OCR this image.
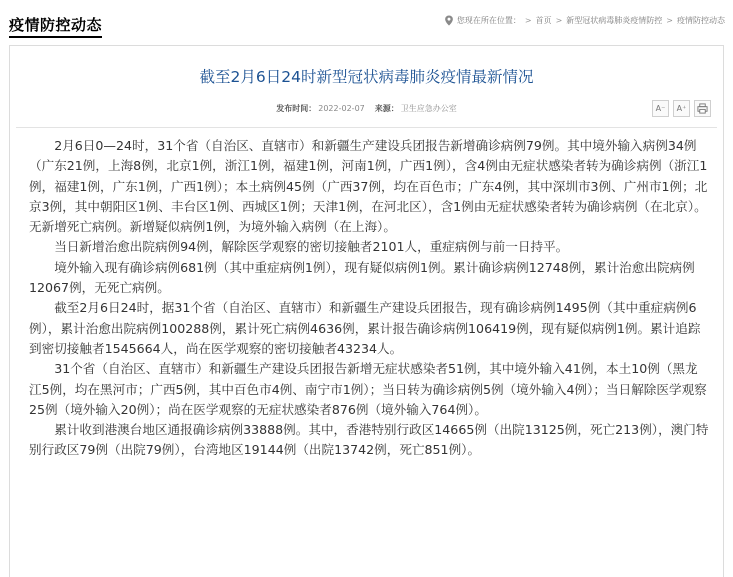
疫情防控动态	您现在所在位置： > 首页 > 新型冠状病毒肺炎疫情防控 > 疫情防控动态
截至2月6日24时新型冠状病毒肺炎疫情最新情况
发布时间： 2022-02-07 来源： 卫生应急办公室	A⁻	A⁺

2月6日0—24时，31个省（自治区、直辖市）和新疆生产建设兵团报告新增确诊病例79例。其中境外输入病例34例（广东21例，上海8例，北京1例，浙江1例，福建1例，河南1例，广西1例），含4例由无症状感染者转为确诊病例（浙江1例，福建1例，广东1例，广西1例）；本土病例45例（广西37例，均在百色市；广东4例，其中深圳市3例、广州市1例；北京3例，其中朝阳区1例、丰台区1例、西城区1例；天津1例，在河北区），含1例由无症状感染者转为确诊病例（在北京）。无新增死亡病例。新增疑似病例1例，为境外输入病例（在上海）。

当日新增治愈出院病例94例，解除医学观察的密切接触者2101人，重症病例与前一日持平。

境外输入现有确诊病例681例（其中重症病例1例），现有疑似病例1例。累计确诊病例12748例，累计治愈出院病例12067例，无死亡病例。

截至2月6日24时，据31个省（自治区、直辖市）和新疆生产建设兵团报告，现有确诊病例1495例（其中重症病例6例），累计治愈出院病例100288例，累计死亡病例4636例，累计报告确诊病例106419例，现有疑似病例1例。累计追踪到密切接触者1545664人，尚在医学观察的密切接触者43234人。

31个省（自治区、直辖市）和新疆生产建设兵团报告新增无症状感染者51例，其中境外输入41例，本土10例（黑龙江5例，均在黑河市；广西5例，其中百色市4例、南宁市1例）；当日转为确诊病例5例（境外输入4例）；当日解除医学观察25例（境外输入20例）；尚在医学观察的无症状感染者876例（境外输入764例）。

累计收到港澳台地区通报确诊病例33888例。其中，香港特别行政区14665例（出院13125例，死亡213例），澳门特别行政区79例（出院79例），台湾地区19144例（出院13742例，死亡851例）。
